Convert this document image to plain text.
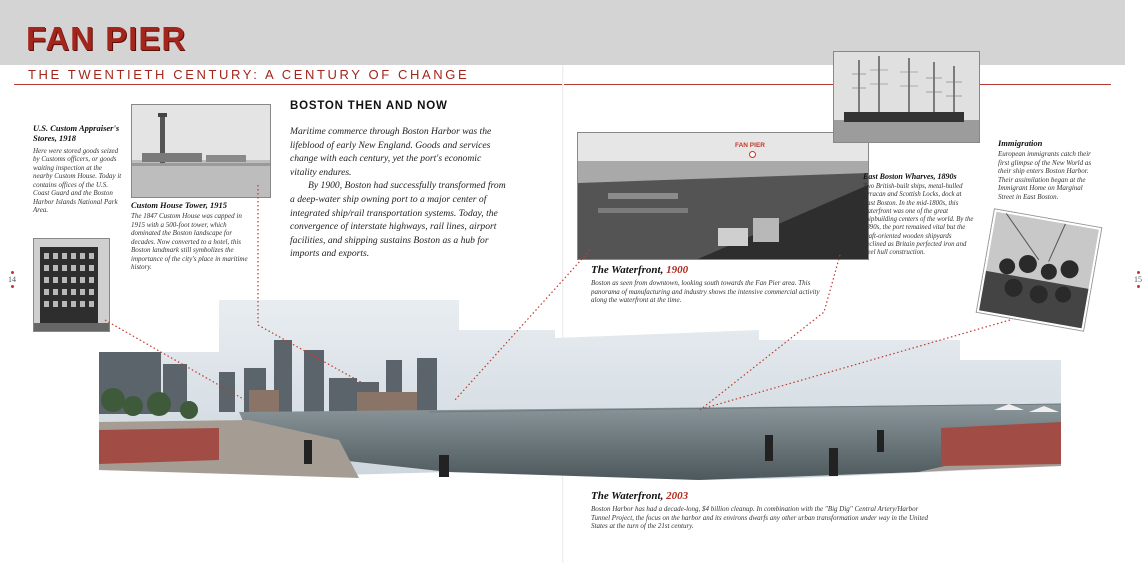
FAN PIER
THE TWENTIETH CENTURY: A CENTURY OF CHANGE
14	15
U.S. Custom Appraiser's Stores, 1918
Here were stored goods seized by Customs officers, or goods waiting inspection at the nearby Custom House. Today it contains offices of the U.S. Coast Guard and the Boston Harbor Islands National Park Area.
Custom House Tower, 1915
The 1847 Custom House was capped in 1915 with a 500-foot tower, which dominated the Boston landscape for decades. Now converted to a hotel, this Boston landmark still symbolizes the importance of the city's place in maritime history.
BOSTON THEN AND NOW
Maritime commerce through Boston Harbor was the lifeblood of early New England. Goods and services change with each century, yet the port's economic vitality endures.
By 1900, Boston had successfully transformed from a deep-water ship owning port to a major center of integrated ship/rail transportation systems. Today, the convergence of interstate highways, rail lines, airport facilities, and shipping sustains Boston as a hub for imports and exports.
FAN PIER
The Waterfront, 1900
Boston as seen from downtown, looking south towards the Fan Pier area. This panorama of manufacturing and industry shows the intensive commercial activity along the waterfront at the time.
East Boston Wharves, 1890s
Two British-built ships, metal-hulled Arracan and Scottish Locks, dock at East Boston. In the mid-1800s, this waterfront was one of the great shipbuilding centers of the world. By the 1890s, the port remained vital but the craft-oriented wooden shipyards declined as Britain perfected iron and steel hull construction.
Immigration
European immigrants catch their first glimpse of the New World as their ship enters Boston Harbor. Their assimilation began at the Immigrant Home on Marginal Street in East Boston.
The Waterfront, 2003
Boston Harbor has had a decade-long, $4 billion cleanup. In combination with the "Big Dig" Central Artery/Harbor Tunnel Project, the focus on the harbor and its environs dwarfs any other urban transformation under way in the United States at the turn of the 21st century.
